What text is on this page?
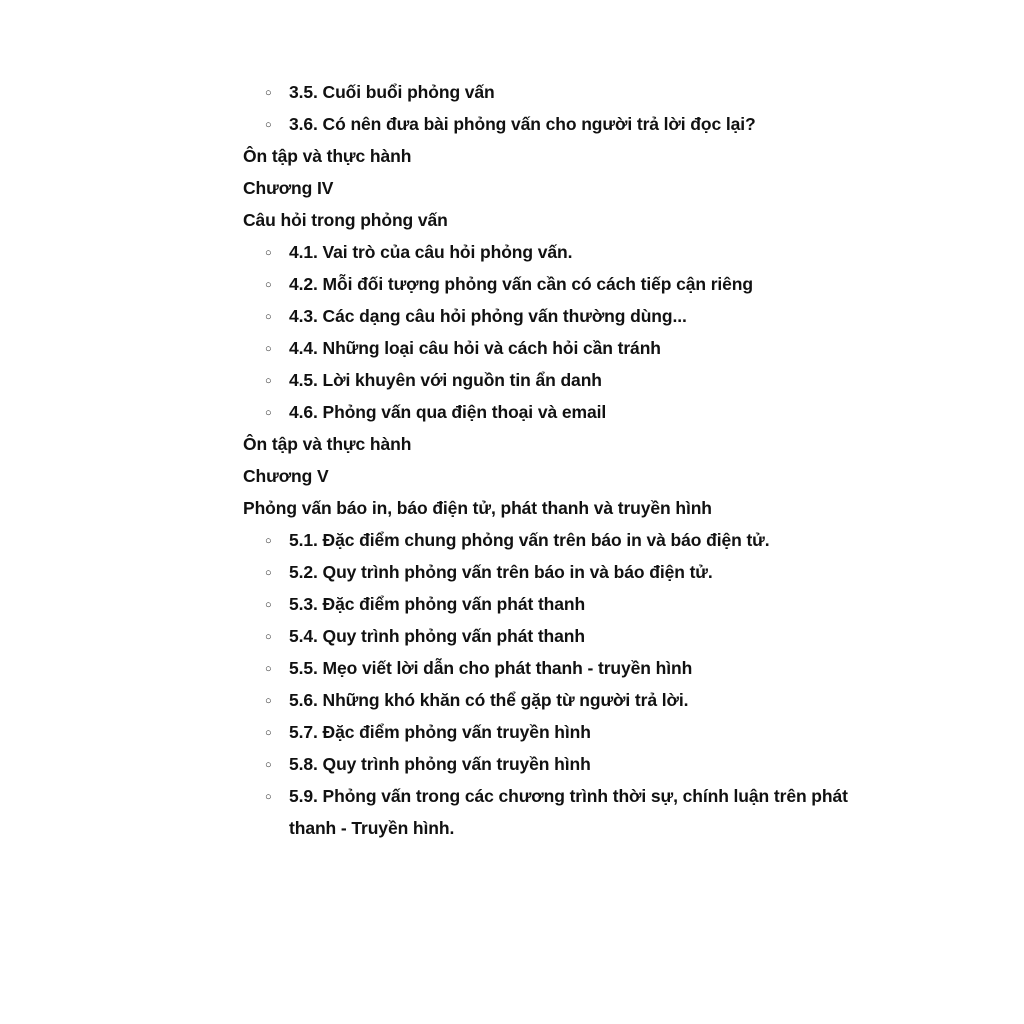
○ 3.5. Cuối buổi phỏng vấn
○ 3.6. Có nên đưa bài phỏng vấn cho người trả lời đọc lại?
Ôn tập và thực hành
Chương IV
Câu hỏi trong phỏng vấn
○ 4.1. Vai trò của câu hỏi phỏng vấn.
○ 4.2. Mỗi đối tượng phỏng vấn cần có cách tiếp cận riêng
○ 4.3. Các dạng câu hỏi phỏng vấn thường dùng...
○ 4.4. Những loại câu hỏi và cách hỏi cần tránh
○ 4.5. Lời khuyên với nguồn tin ẩn danh
○ 4.6. Phỏng vấn qua điện thoại và email
Ôn tập và thực hành
Chương V
Phỏng vấn báo in, báo điện tử, phát thanh và truyền hình
○ 5.1. Đặc điểm chung phỏng vấn trên báo in và báo điện tử.
○ 5.2. Quy trình phỏng vấn trên báo in và báo điện tử.
○ 5.3. Đặc điểm phỏng vấn phát thanh
○ 5.4. Quy trình phỏng vấn phát thanh
○ 5.5. Mẹo viết lời dẫn cho phát thanh - truyền hình
○ 5.6. Những khó khăn có thể gặp từ người trả lời.
○ 5.7. Đặc điểm phỏng vấn truyền hình
○ 5.8. Quy trình phỏng vấn truyền hình
○ 5.9. Phỏng vấn trong các chương trình thời sự, chính luận trên phát thanh - Truyền hình.
